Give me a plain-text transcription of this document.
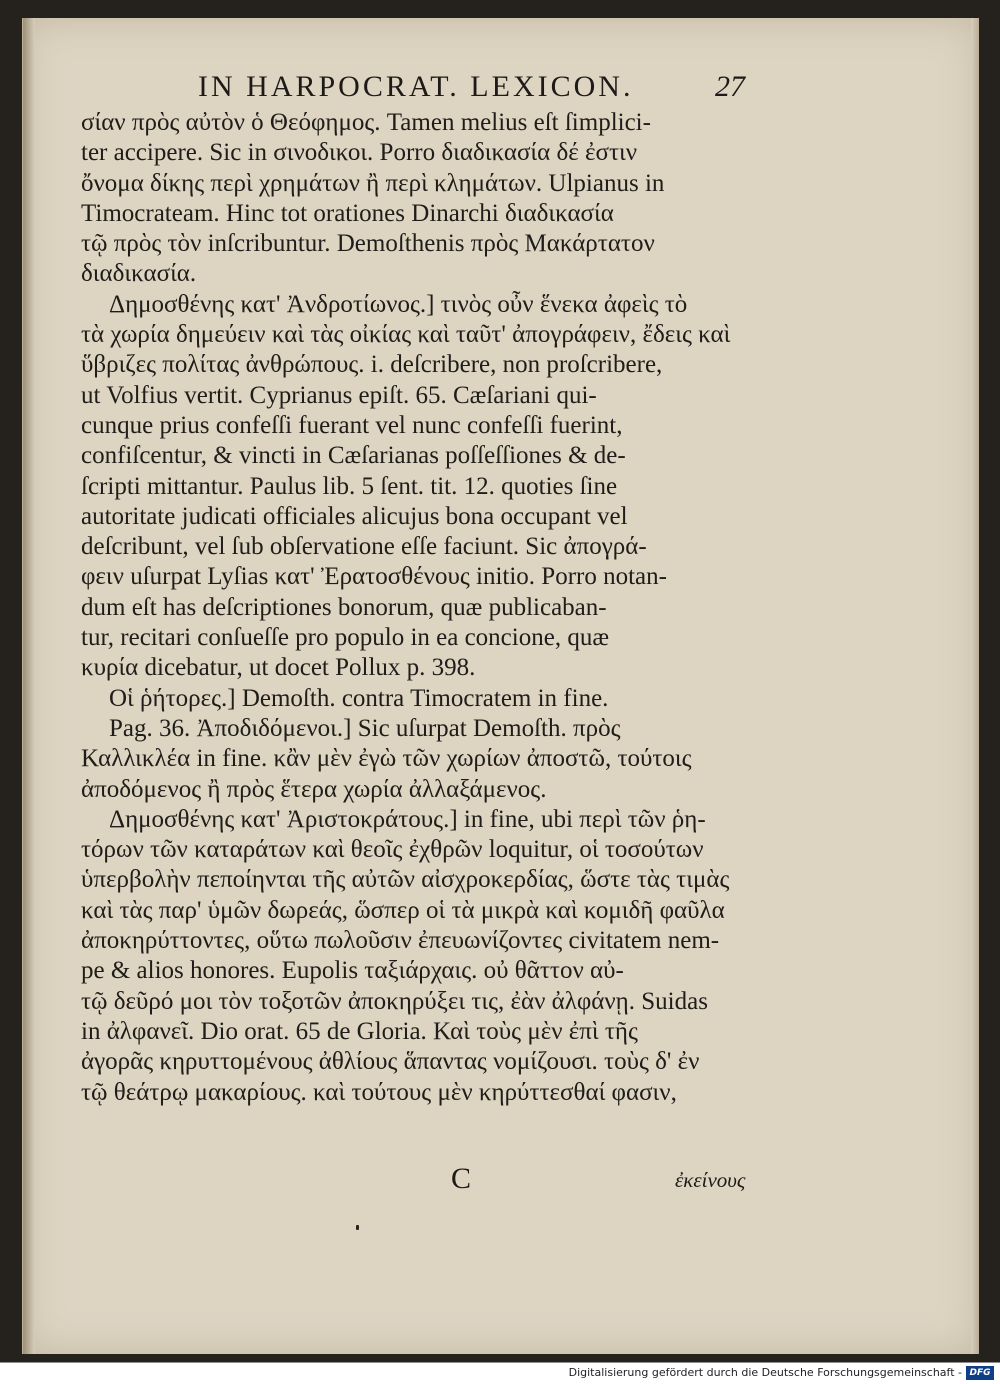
IN HARPOCRAT. LEXICON.	27
σίαν πρὸς αὐτὸν ὁ Θεόφημος. Tamen melius eſt ſimplici-
ter accipere. Sic in σινοδικοι. Porro διαδικασία δέ ἐστιν
ὄνομα δίκης περὶ χρημάτων ἢ περὶ κλημάτων. Ulpianus in
Timocrateam. Hinc tot orationes Dinarchi διαδικασία
τῷ πρὸς τὸν inſcribuntur. Demoſthenis πρὸς Μακάρτατον
διαδικασία.
Δημοσθένης κατ' Ἀνδροτίωνος.] τινὸς οὖν ἕνεκα ἀφεὶς τὸ
τὰ χωρία δημεύειν καὶ τὰς οἰκίας καὶ ταῦτ' ἀπογράφειν, ἔδεις καὶ
ὕβριζες πολίτας ἀνθρώπους. i. deſcribere, non proſcribere,
ut Volfius vertit. Cyprianus epiſt. 65. Cæſariani qui-
cunque prius confeſſi fuerant vel nunc confeſſi fuerint,
confiſcentur, & vincti in Cæſarianas poſſeſſiones & de-
ſcripti mittantur. Paulus lib. 5 ſent. tit. 12. quoties ſine
autoritate judicati officiales alicujus bona occupant vel
deſcribunt, vel ſub obſervatione eſſe faciunt. Sic ἀπογρά-
φειν uſurpat Lyſias κατ' Ἐρατοσθένους initio. Porro notan-
dum eſt has deſcriptiones bonorum, quæ publicaban-
tur, recitari conſueſſe pro populo in ea concione, quæ
κυρία dicebatur, ut docet Pollux p. 398.
Οἱ ῥήτορες.] Demoſth. contra Timocratem in fine.
Pag. 36. Ἀποδιδόμενοι.] Sic uſurpat Demoſth. πρὸς
Καλλικλέα in fine. κἂν μὲν ἐγὼ τῶν χωρίων ἀποστῶ, τούτοις
ἀποδόμενος ἢ πρὸς ἕτερα χωρία ἀλλαξάμενος.
Δημοσθένης κατ' Ἀριστοκράτους.] in fine, ubi περὶ τῶν ῥη-
τόρων τῶν καταράτων καὶ θεοῖς ἐχθρῶν loquitur, οἱ τοσούτων
ὑπερβολὴν πεποίηνται τῆς αὐτῶν αἰσχροκερδίας, ὥστε τὰς τιμὰς
καὶ τὰς παρ' ὑμῶν δωρεάς, ὥσπερ οἱ τὰ μικρὰ καὶ κομιδῆ φαῦλα
ἀποκηρύττοντες, οὕτω πωλοῦσιν ἐπευωνίζοντες civitatem nem-
pe & alios honores. Eupolis ταξιάρχαις. οὐ θᾶττον αὐ-
τῷ δεῦρό μοι τὸν τοξοτῶν ἀποκηρύξει τις, ἐὰν ἀλφάνῃ. Suidas
in ἀλφανεῖ. Dio orat. 65 de Gloria. Καὶ τοὺς μὲν ἐπὶ τῆς
ἀγορᾶς κηρυττομένους ἀθλίους ἅπαντας νομίζουσι. τοὺς δ' ἐν
τῷ θεάτρῳ μακαρίους. καὶ τούτους μὲν κηρύττεσθαί φασιν,
C	ἐκείνους
Digitalisierung gefördert durch die Deutsche Forschungsgemeinschaft - DFG
